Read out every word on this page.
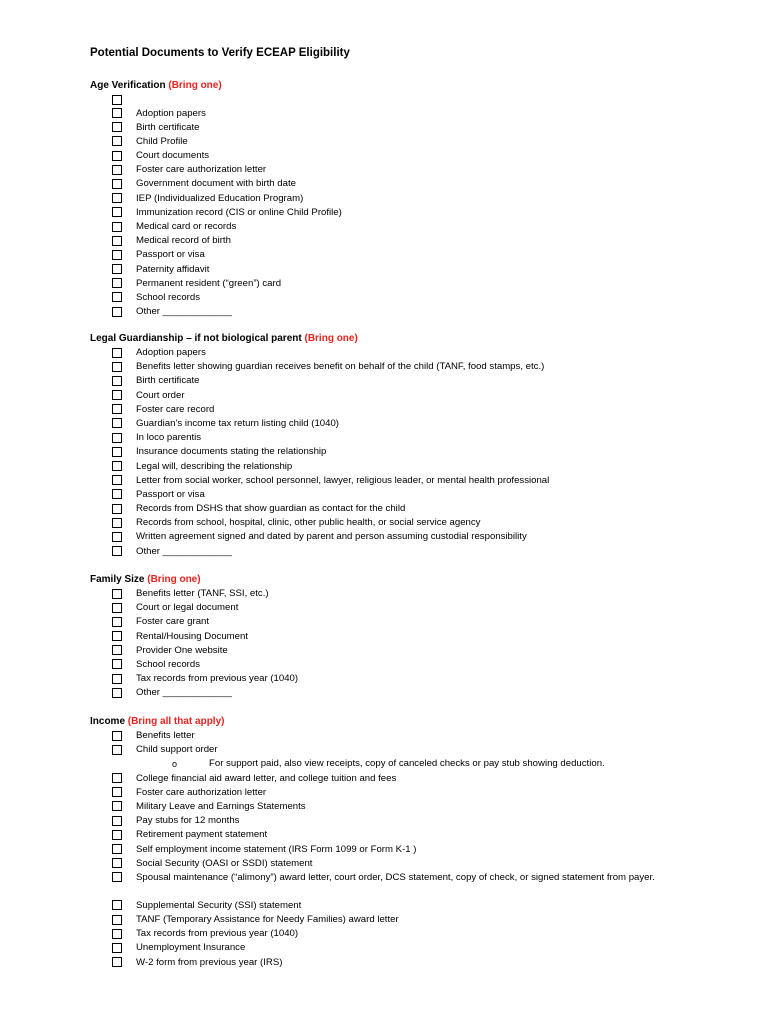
Potential Documents to Verify ECEAP Eligibility
Age Verification (Bring one)
Adoption papers
Birth certificate
Child Profile
Court documents
Foster care authorization letter
Government document with birth date
IEP (Individualized Education Program)
Immunization record (CIS or online Child Profile)
Medical card or records
Medical record of birth
Passport or visa
Paternity affidavit
Permanent resident (“green”) card
School records
Other _____________
Legal Guardianship – if not biological parent (Bring one)
Adoption papers
Benefits letter showing guardian receives benefit on behalf of the child (TANF, food stamps, etc.)
Birth certificate
Court order
Foster care record
Guardian’s income tax return listing child (1040)
In loco parentis
Insurance documents stating the relationship
Legal will, describing the relationship
Letter from social worker, school personnel, lawyer, religious leader, or mental health professional
Passport or visa
Records from DSHS that show guardian as contact for the child
Records from school, hospital, clinic, other public health, or social service agency
Written agreement signed and dated by parent and person assuming custodial responsibility
Other _____________
Family Size (Bring one)
Benefits letter (TANF, SSI, etc.)
Court or legal document
Foster care grant
Rental/Housing Document
Provider One website
School records
Tax records from previous year (1040)
Other _____________
Income (Bring all that apply)
Benefits letter
Child support order
o	For support paid, also view receipts, copy of canceled checks or pay stub showing deduction.
College financial aid award letter, and college tuition and fees
Foster care authorization letter
Military Leave and Earnings Statements
Pay stubs for 12 months
Retirement payment statement
Self employment income statement (IRS Form 1099 or Form K-1 )
Social Security (OASI or SSDI) statement
Spousal maintenance (“alimony”) award letter, court order, DCS statement, copy of check, or signed statement from payer.
Supplemental Security (SSI) statement
TANF (Temporary Assistance for Needy Families) award letter
Tax records from previous year (1040)
Unemployment Insurance
W-2 form from previous year (IRS)
